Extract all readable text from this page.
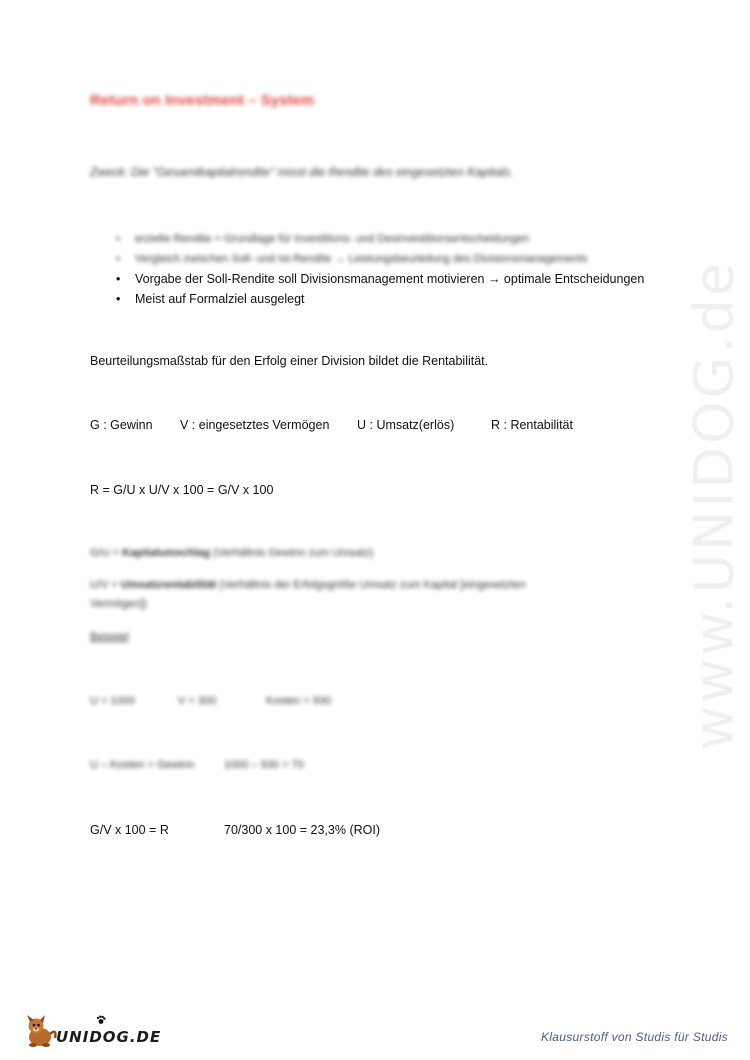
Return on Investment – System
Zweck: Die "Gesamtkapitalrendite" misst die Rendite des eingesetzten Kapitals.
• erzielte Rendite = Grundlage für Investitions- und Desinvestitionsentscheidungen
• Vergleich zwischen Soll- und Ist-Rendite → Leistungsbeurteilung des Divisionsmanagements
• Vorgabe der Soll-Rendite soll Divisionsmanagement motivieren → optimale Entscheidungen
• Meist auf Formalziel ausgelegt
Beurteilungsmaßstab für den Erfolg einer Division bildet die Rentabilität.
G : Gewinn V : eingesetztes Vermögen U : Umsatz(erlös)	R : Rentabilität
R = G/U x U/V x 100 = G/V x 100
G/U = Kapitalumschlag (Verhältnis Gewinn zum Umsatz)
U/V = Umsatzrentabilität (Verhältnis der Erfolgsgröße Umsatz zum Kapital [eingesetzten
Vermögen])
Beispiel
U = 1000	V = 300	Kosten = 930
U – Kosten = Gewinn	1000 – 930 = 70
G/V x 100 = R	70/300 x 100 = 23,3% (ROI)
www.UNIDOG.de
UNIDOG.DE	Klausurstoff von Studis für Studis
